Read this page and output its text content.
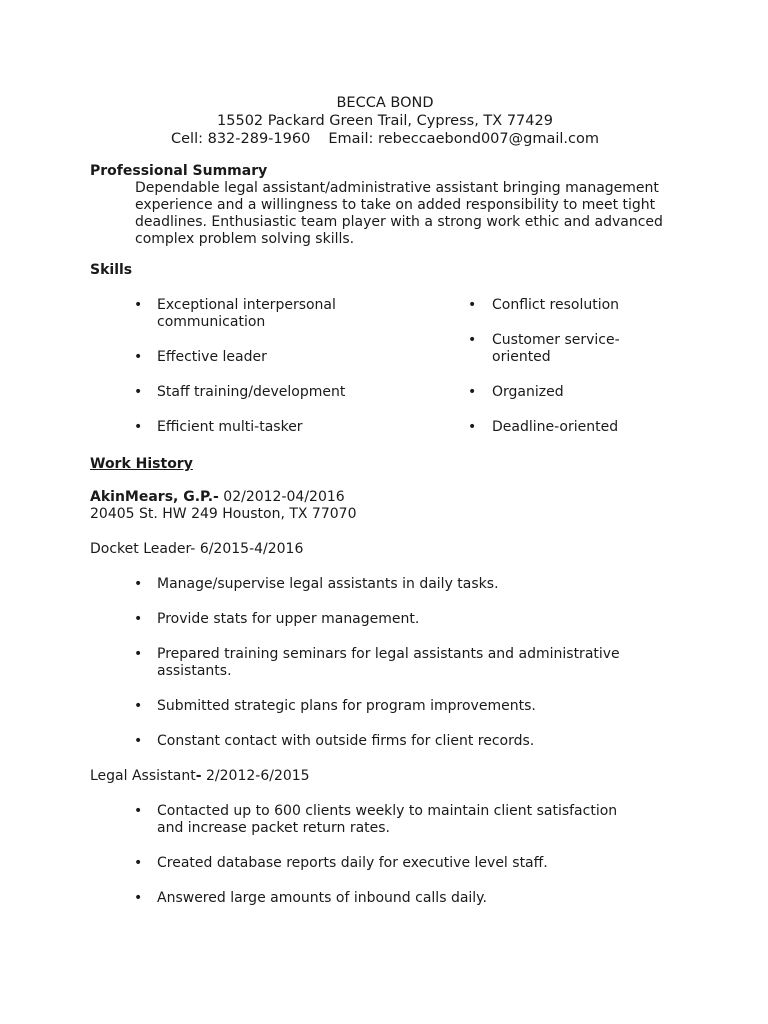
BECCA BOND
15502 Packard Green Trail, Cypress, TX 77429
Cell: 832-289-1960 Email: rebeccaebond007@gmail.com
Professional Summary

Dependable legal assistant/administrative assistant bringing management experience and a willingness to take on added responsibility to meet tight deadlines. Enthusiastic team player with a strong work ethic and advanced complex problem solving skills.

Skills
• Exceptional interpersonal communication
• Effective leader
• Staff training/development
• Efficient multi-tasker
• Conflict resolution
• Customer service-oriented
• Organized
• Deadline-oriented
Work History
AkinMears, G.P.- 02/2012-04/2016
20405 St. HW 249 Houston, TX 77070
Docket Leader- 6/2015-4/2016
• Manage/supervise legal assistants in daily tasks.
• Provide stats for upper management.
• Prepared training seminars for legal assistants and administrative assistants.
• Submitted strategic plans for program improvements.
• Constant contact with outside firms for client records.
Legal Assistant- 2/2012-6/2015
• Contacted up to 600 clients weekly to maintain client satisfaction and increase packet return rates.
• Created database reports daily for executive level staff.
• Answered large amounts of inbound calls daily.
